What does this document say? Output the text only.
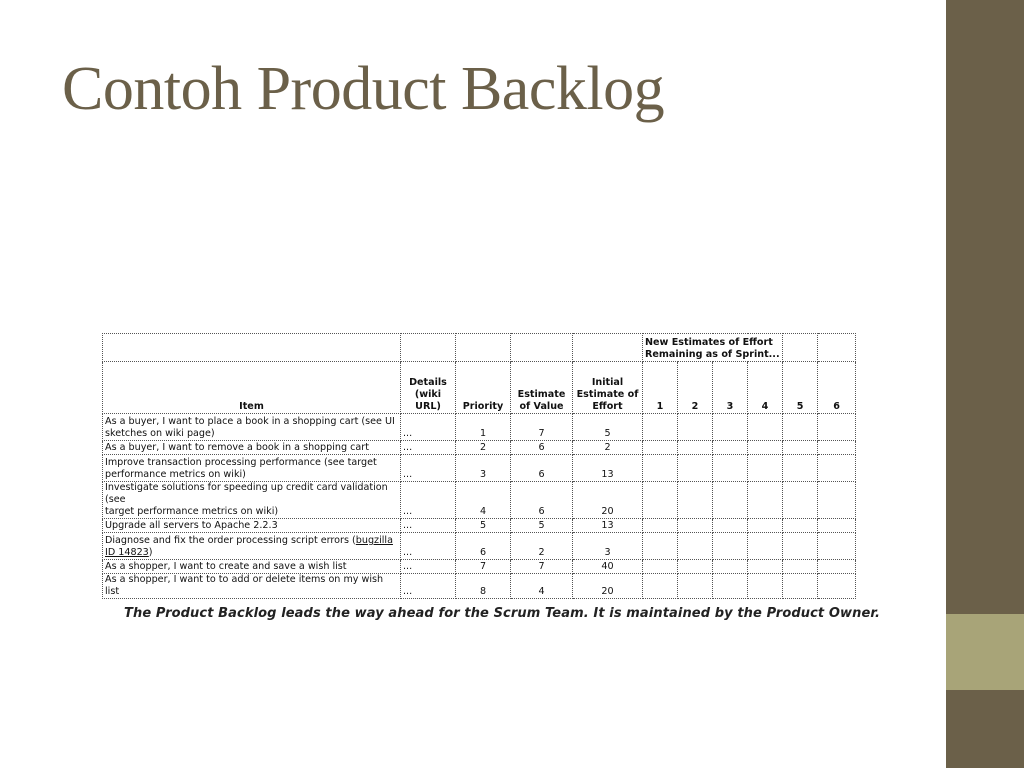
Contoh Product Backlog
					New Estimates of Effort
Remaining as of Sprint...					
Item	Details
(wiki
URL)	Priority	Estimate
of Value	Initial
Estimate of
Effort	1	2	3	4	5	6
As a buyer, I want to place a book in a shopping cart (see UI
sketches on wiki page)	...	1	7	5						
As a buyer, I want to remove a book in a shopping cart	...	2	6	2						
Improve transaction processing performance (see target
performance metrics on wiki)	...	3	6	13						
Investigate solutions for speeding up credit card validation (see
target performance metrics on wiki)	...	4	6	20						
Upgrade all servers to Apache 2.2.3	...	5	5	13						
Diagnose and fix the order processing script errors (bugzilla ID 14823)	...	6	2	3						
As a shopper, I want to create and save a wish list	...	7	7	40						
As a shopper, I want to to add or delete items on my wish list	...	8	4	20						
The Product Backlog leads the way ahead for the Scrum Team. It is maintained by the Product Owner.
